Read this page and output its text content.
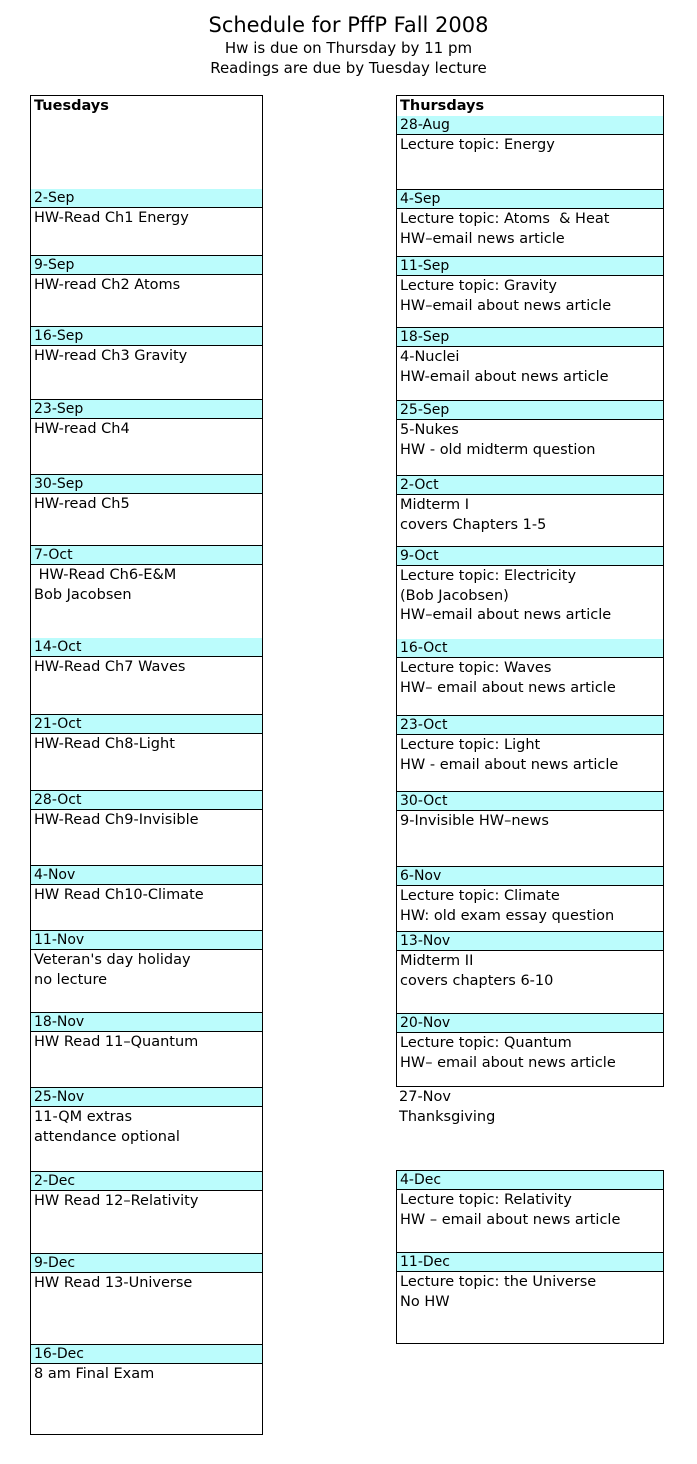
Schedule for PffP Fall 2008
Hw is due on Thursday by 11 pm
Readings are due by Tuesday lecture
Tuesdays
2-Sep
HW-Read Ch1 Energy
9-Sep
HW-read Ch2 Atoms
16-Sep
HW-read Ch3 Gravity
23-Sep
HW-read Ch4
30-Sep
HW-read Ch5
7-Oct
HW-Read Ch6-E&M
Bob Jacobsen
14-Oct
HW-Read Ch7 Waves
21-Oct
HW-Read Ch8-Light
28-Oct
HW-Read Ch9-Invisible
4-Nov
HW Read Ch10-Climate
11-Nov
Veteran's day holiday
no lecture
18-Nov
HW Read 11–Quantum
25-Nov
11-QM extras
attendance optional
2-Dec
HW Read 12–Relativity
9-Dec
HW Read 13-Universe
16-Dec
8 am Final Exam
Thursdays
28-Aug
Lecture topic: Energy
4-Sep
Lecture topic: Atoms  & Heat
HW–email news article
11-Sep
Lecture topic: Gravity
HW–email about news article
18-Sep
4-Nuclei
HW-email about news article
25-Sep
5-Nukes
HW - old midterm question
2-Oct
Midterm I
covers Chapters 1-5
9-Oct
Lecture topic: Electricity
(Bob Jacobsen)
HW–email about news article
16-Oct
Lecture topic: Waves
HW– email about news article
23-Oct
Lecture topic: Light
HW - email about news article
30-Oct
9-Invisible HW–news
6-Nov
Lecture topic: Climate
HW: old exam essay question
13-Nov
Midterm II
covers chapters 6-10
20-Nov
Lecture topic: Quantum
HW– email about news article
27-Nov
Thanksgiving
4-Dec
Lecture topic: Relativity
HW – email about news article
11-Dec
Lecture topic: the Universe
No HW
